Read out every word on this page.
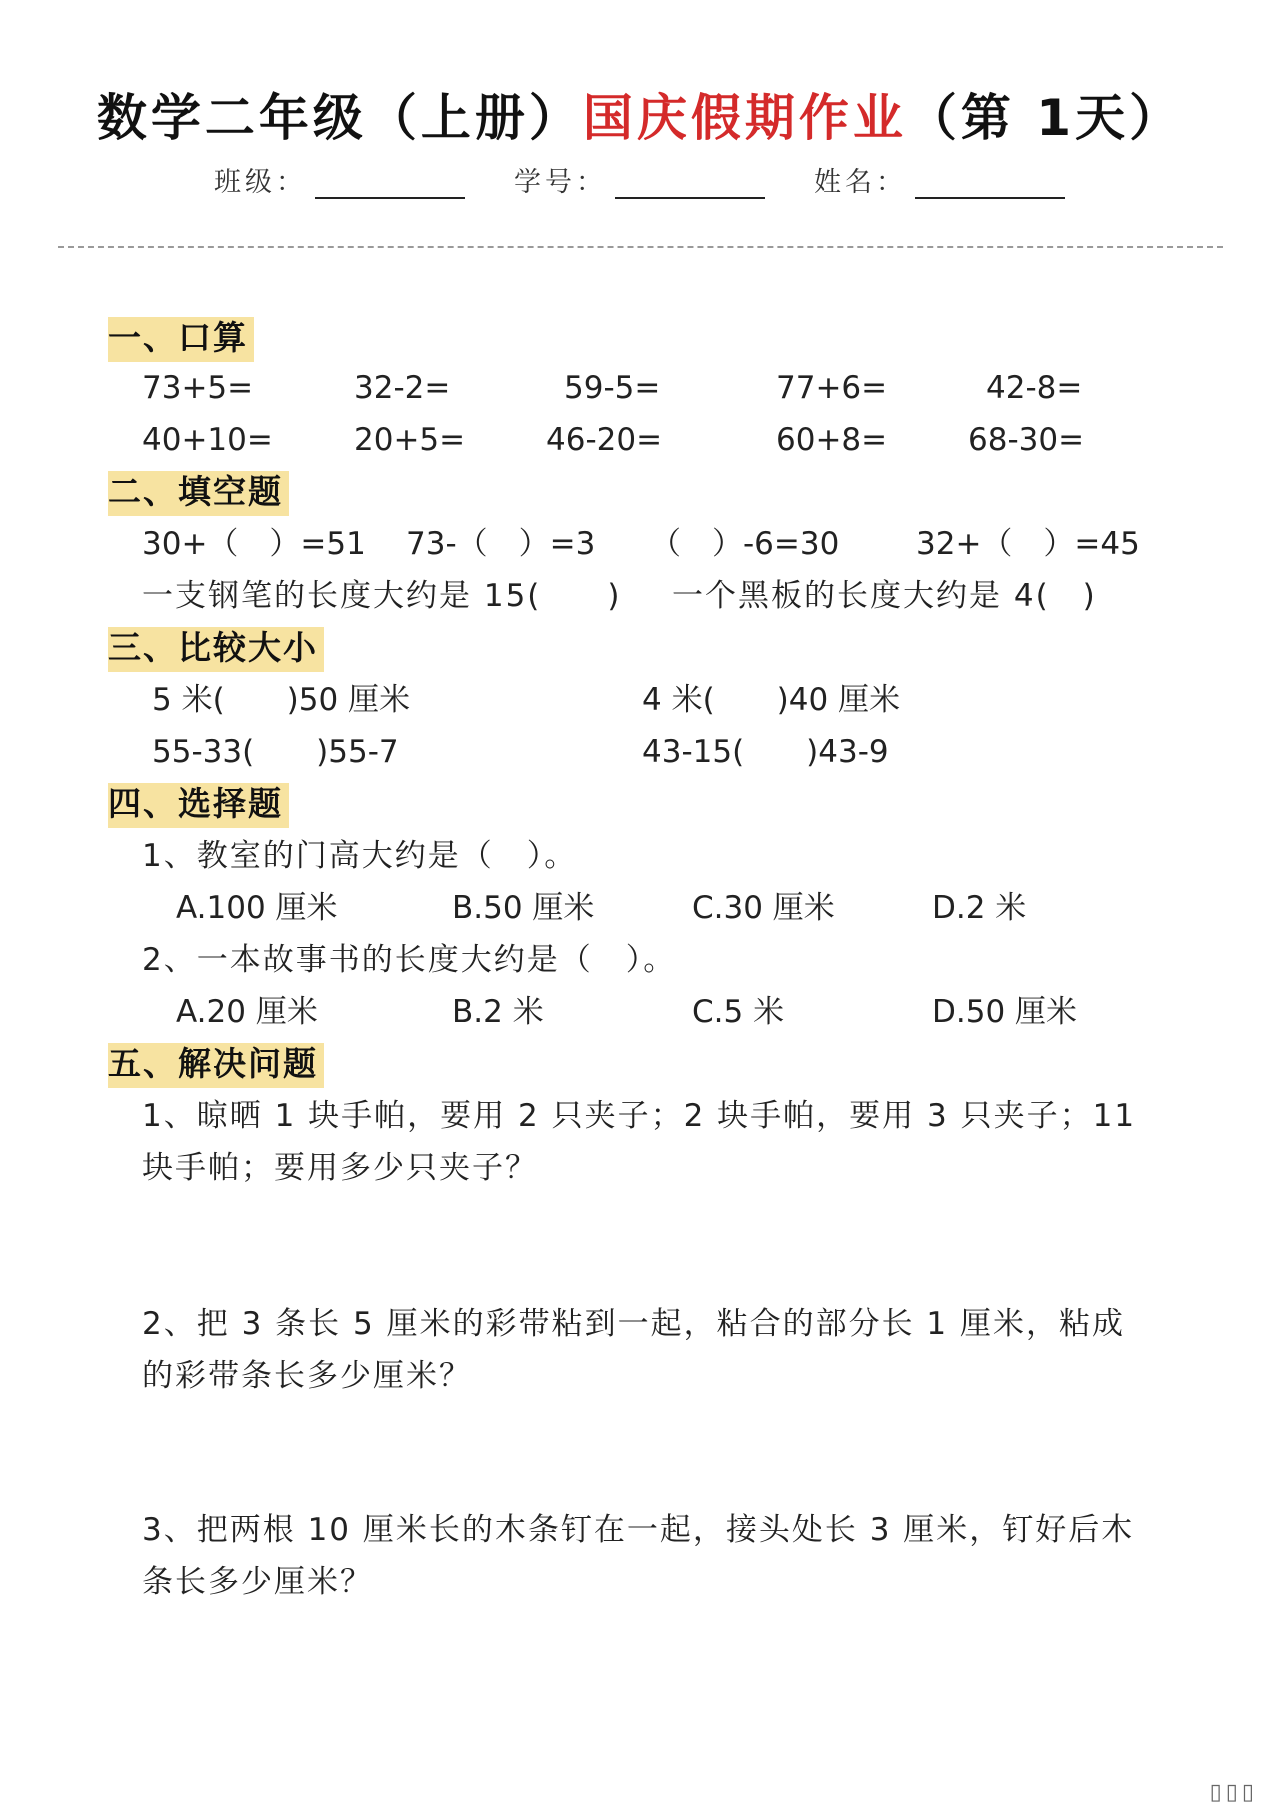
数学二年级（上册）国庆假期作业（第 1天）
班级：	学号：	姓名：
一、口算
73+5=	32-2=	59-5=	77+6=	42-8=
40+10=	20+5=	46-20=	60+8=	68-30=
二、填空题
30+（　）=51 73-（　）=3 （　）-6=30 32+（　）=45
一支钢笔的长度大约是 15(　　) 一个黑板的长度大约是 4(　)
三、比较大小
5 米(　　)50 厘米	4 米(　　)40 厘米
55-33(　　)55-7	43-15(　　)43-9
四、选择题
1、教室的门高大约是（　）。
A.100 厘米	B.50 厘米	C.30 厘米	D.2 米
2、一本故事书的长度大约是（　）。
A.20 厘米	B.2 米	C.5 米	D.50 厘米
五、解决问题
1、晾晒 1 块手帕，要用 2 只夹子；2 块手帕，要用 3 只夹子；11
块手帕；要用多少只夹子？
2、把 3 条长 5 厘米的彩带粘到一起，粘合的部分长 1 厘米，粘成
的彩带条长多少厘米？
3、把两根 10 厘米长的木条钉在一起，接头处长 3 厘米，钉好后木
条长多少厘米？
▯▯▯
